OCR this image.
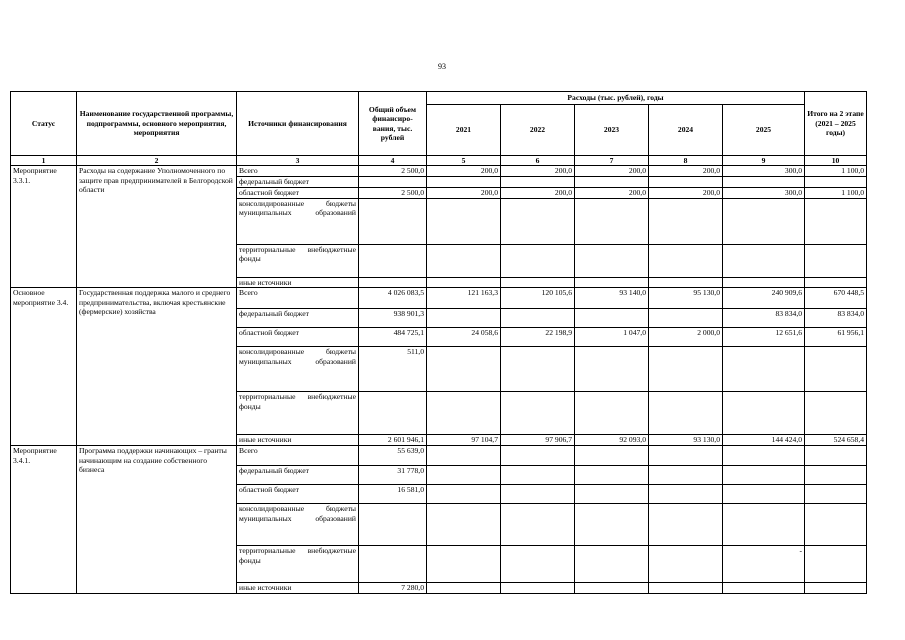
93
Статус	Наименование государственной программы, подпрограммы, основного мероприятия, мероприятия	Источники финансирования	Общий объем финансиро-вания, тыс. рублей	Расходы (тыс. рублей), годы					Итого на 2 этапе (2021 – 2025 годы)
				2021	2022	2023	2024	2025	
1	2	3	4	5	6	7	8	9	10
Мероприятие 3.3.1.	Расходы на содержание Уполномоченного по защите прав предпринимателей в Белгородской области	Всего	2 500,0	200,0	200,0	200,0	200,0	300,0	1 100,0
		федеральный бюджет							
		областной бюджет	2 500,0	200,0	200,0	200,0	200,0	300,0	1 100,0
		консолидированные бюджеты муниципальных образований							
		территориальные внебюджетные фонды							
		иные источники							
Основное мероприятие 3.4.	Государственная поддержка малого и среднего предпринимательства, включая крестьянские (фермерские) хозяйства	Всего	4 026 083,5	121 163,3	120 105,6	93 140,0	95 130,0	240 909,6	670 448,5
		федеральный бюджет	938 901,3					83 834,0	83 834,0
		областной бюджет	484 725,1	24 058,6	22 198,9	1 047,0	2 000,0	12 651,6	61 956,1
		консолидированные бюджеты муниципальных образований	511,0						
		территориальные внебюджетные фонды							
		иные источники	2 601 946,1	97 104,7	97 906,7	92 093,0	93 130,0	144 424,0	524 658,4
Мероприятие 3.4.1.	Программа поддержки начинающих – гранты начинающим на создание собственного бизнеса	Всего	55 639,0						
		федеральный бюджет	31 778,0						
		областной бюджет	16 581,0						
		консолидированные бюджеты муниципальных образований							
		территориальные внебюджетные фонды						-	
		иные источники	7 280,0						
